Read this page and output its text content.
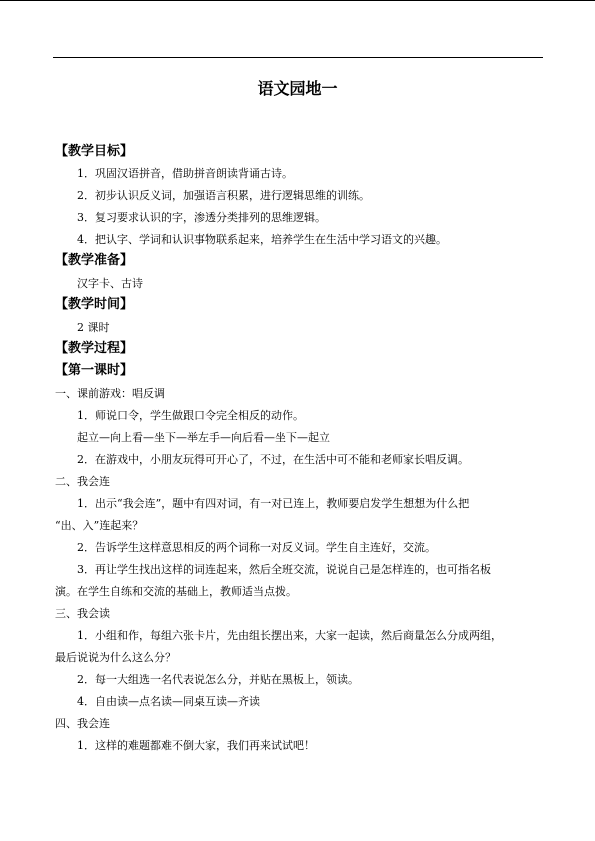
语文园地一
【教学目标】
1．巩固汉语拼音，借助拼音朗读背诵古诗。
2．初步认识反义词，加强语言积累，进行逻辑思维的训练。
3．复习要求认识的字，渗透分类排列的思维逻辑。
4．把认字、学词和认识事物联系起来，培养学生在生活中学习语文的兴趣。
【教学准备】
汉字卡、古诗
【教学时间】
2 课时
【教学过程】
【第一课时】
一、课前游戏：唱反调
1．师说口令，学生做跟口令完全相反的动作。
起立—向上看—坐下—举左手—向后看—坐下—起立
2．在游戏中，小朋友玩得可开心了，不过，在生活中可不能和老师家长唱反调。
二、我会连
1．出示“我会连”，题中有四对词，有一对已连上，教师要启发学生想想为什么把
“出、入”连起来？
2．告诉学生这样意思相反的两个词称一对反义词。学生自主连好，交流。
3．再让学生找出这样的词连起来，然后全班交流，说说自己是怎样连的，也可指名板
演。在学生自练和交流的基础上，教师适当点拨。
三、我会读
1．小组和作，每组六张卡片，先由组长摆出来，大家一起读，然后商量怎么分成两组，
最后说说为什么这么分？
2．每一大组选一名代表说怎么分，并贴在黑板上，领读。
4．自由读—点名读—同桌互读—齐读
四、我会连
1．这样的难题都难不倒大家，我们再来试试吧！
